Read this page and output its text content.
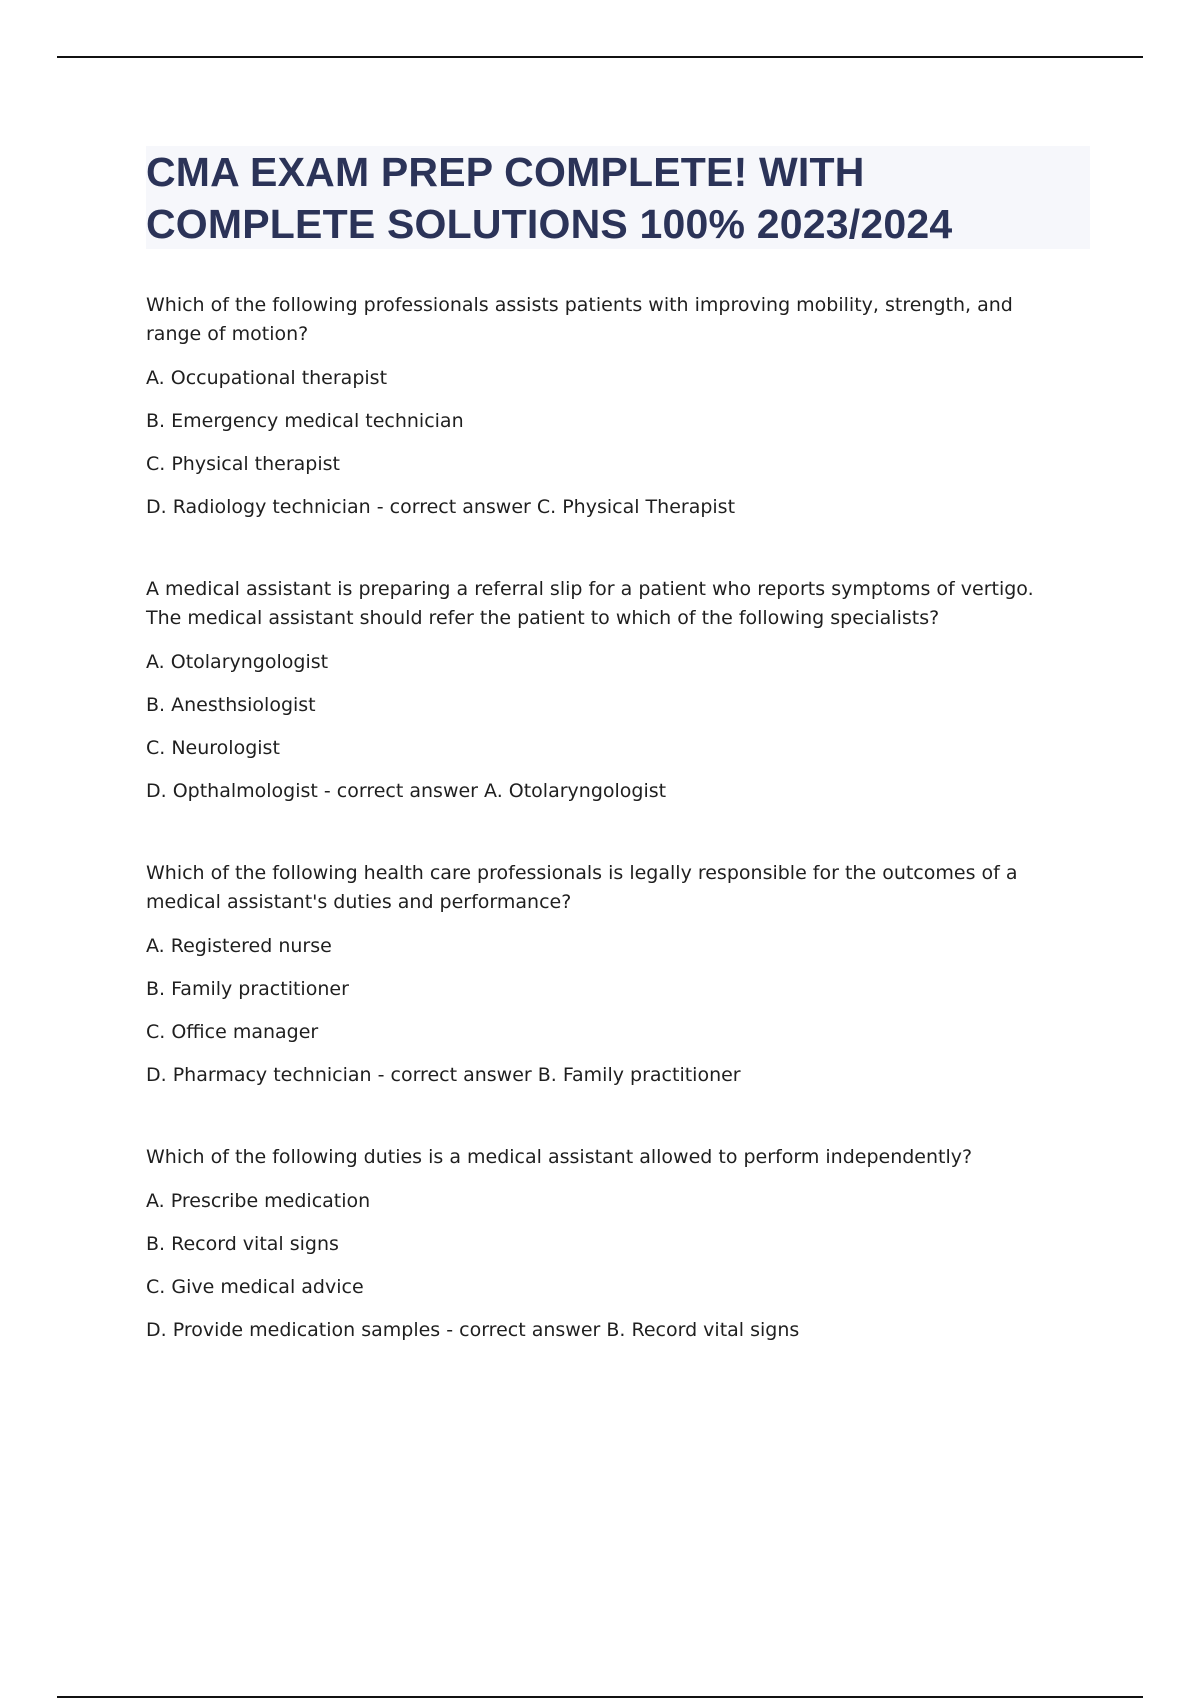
CMA EXAM PREP COMPLETE! WITH
COMPLETE SOLUTIONS 100% 2023/2024

Which of the following professionals assists patients with improving mobility, strength, and range of motion?

A. Occupational therapist

B. Emergency medical technician

C. Physical therapist

D. Radiology technician - correct answer C. Physical Therapist

A medical assistant is preparing a referral slip for a patient who reports symptoms of vertigo. The medical assistant should refer the patient to which of the following specialists?

A. Otolaryngologist

B. Anesthsiologist

C. Neurologist

D. Opthalmologist - correct answer A. Otolaryngologist

Which of the following health care professionals is legally responsible for the outcomes of a medical assistant's duties and performance?

A. Registered nurse

B. Family practitioner

C. Office manager

D. Pharmacy technician - correct answer B. Family practitioner

Which of the following duties is a medical assistant allowed to perform independently?

A. Prescribe medication

B. Record vital signs

C. Give medical advice

D. Provide medication samples - correct answer B. Record vital signs
